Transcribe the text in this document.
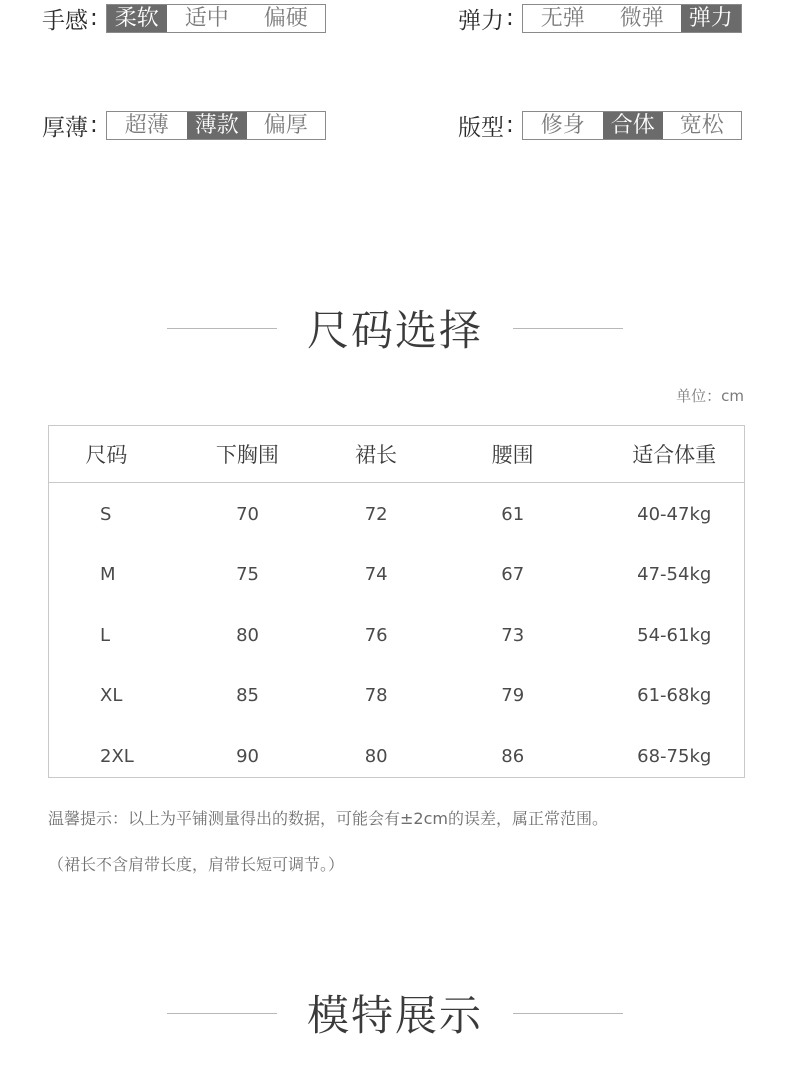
手感 : 柔软	适中	偏硬	弹力 :	无弹	微弹	弹力
厚薄 :	超薄	薄款	偏厚	版型 :	修身	合体	宽松
尺码选择
单位：cm
尺码	下胸围	裙长	腰围	适合体重
S	70	72	61	40-47kg
M	75	74	67	47-54kg
L	80	76	73	54-61kg
XL	85	78	79	61-68kg
2XL	90	80	86	68-75kg
温馨提示：以上为平铺测量得出的数据，可能会有±2cm的误差，属正常范围。
（裙长不含肩带长度，肩带长短可调节。）
模特展示
